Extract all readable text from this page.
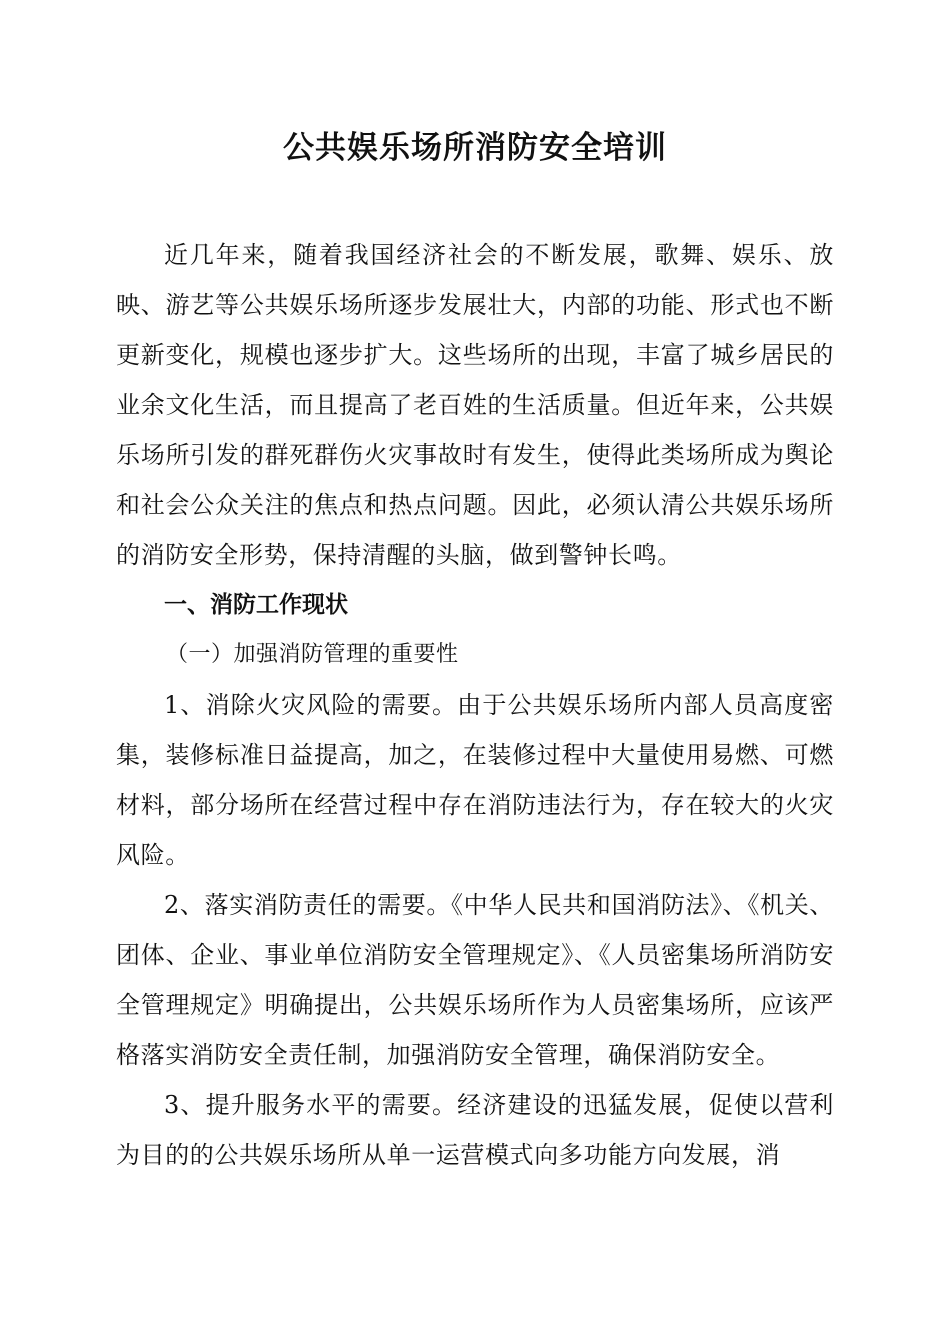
公共娱乐场所消防安全培训

近几年来，随着我国经济社会的不断发展，歌舞、娱乐、放映、游艺等公共娱乐场所逐步发展壮大，内部的功能、形式也不断更新变化，规模也逐步扩大。这些场所的出现，丰富了城乡居民的业余文化生活，而且提高了老百姓的生活质量。但近年来，公共娱乐场所引发的群死群伤火灾事故时有发生，使得此类场所成为舆论和社会公众关注的焦点和热点问题。因此，必须认清公共娱乐场所的消防安全形势，保持清醒的头脑，做到警钟长鸣。

一、消防工作现状

（一）加强消防管理的重要性

1、消除火灾风险的需要。由于公共娱乐场所内部人员高度密集，装修标准日益提高，加之，在装修过程中大量使用易燃、可燃材料，部分场所在经营过程中存在消防违法行为，存在较大的火灾风险。

2、落实消防责任的需要。《中华人民共和国消防法》、《机关、团体、企业、事业单位消防安全管理规定》、《人员密集场所消防安全管理规定》明确提出，公共娱乐场所作为人员密集场所，应该严格落实消防安全责任制，加强消防安全管理，确保消防安全。

3、提升服务水平的需要。经济建设的迅猛发展，促使以营利为目的的公共娱乐场所从单一运营模式向多功能方向发展，消
